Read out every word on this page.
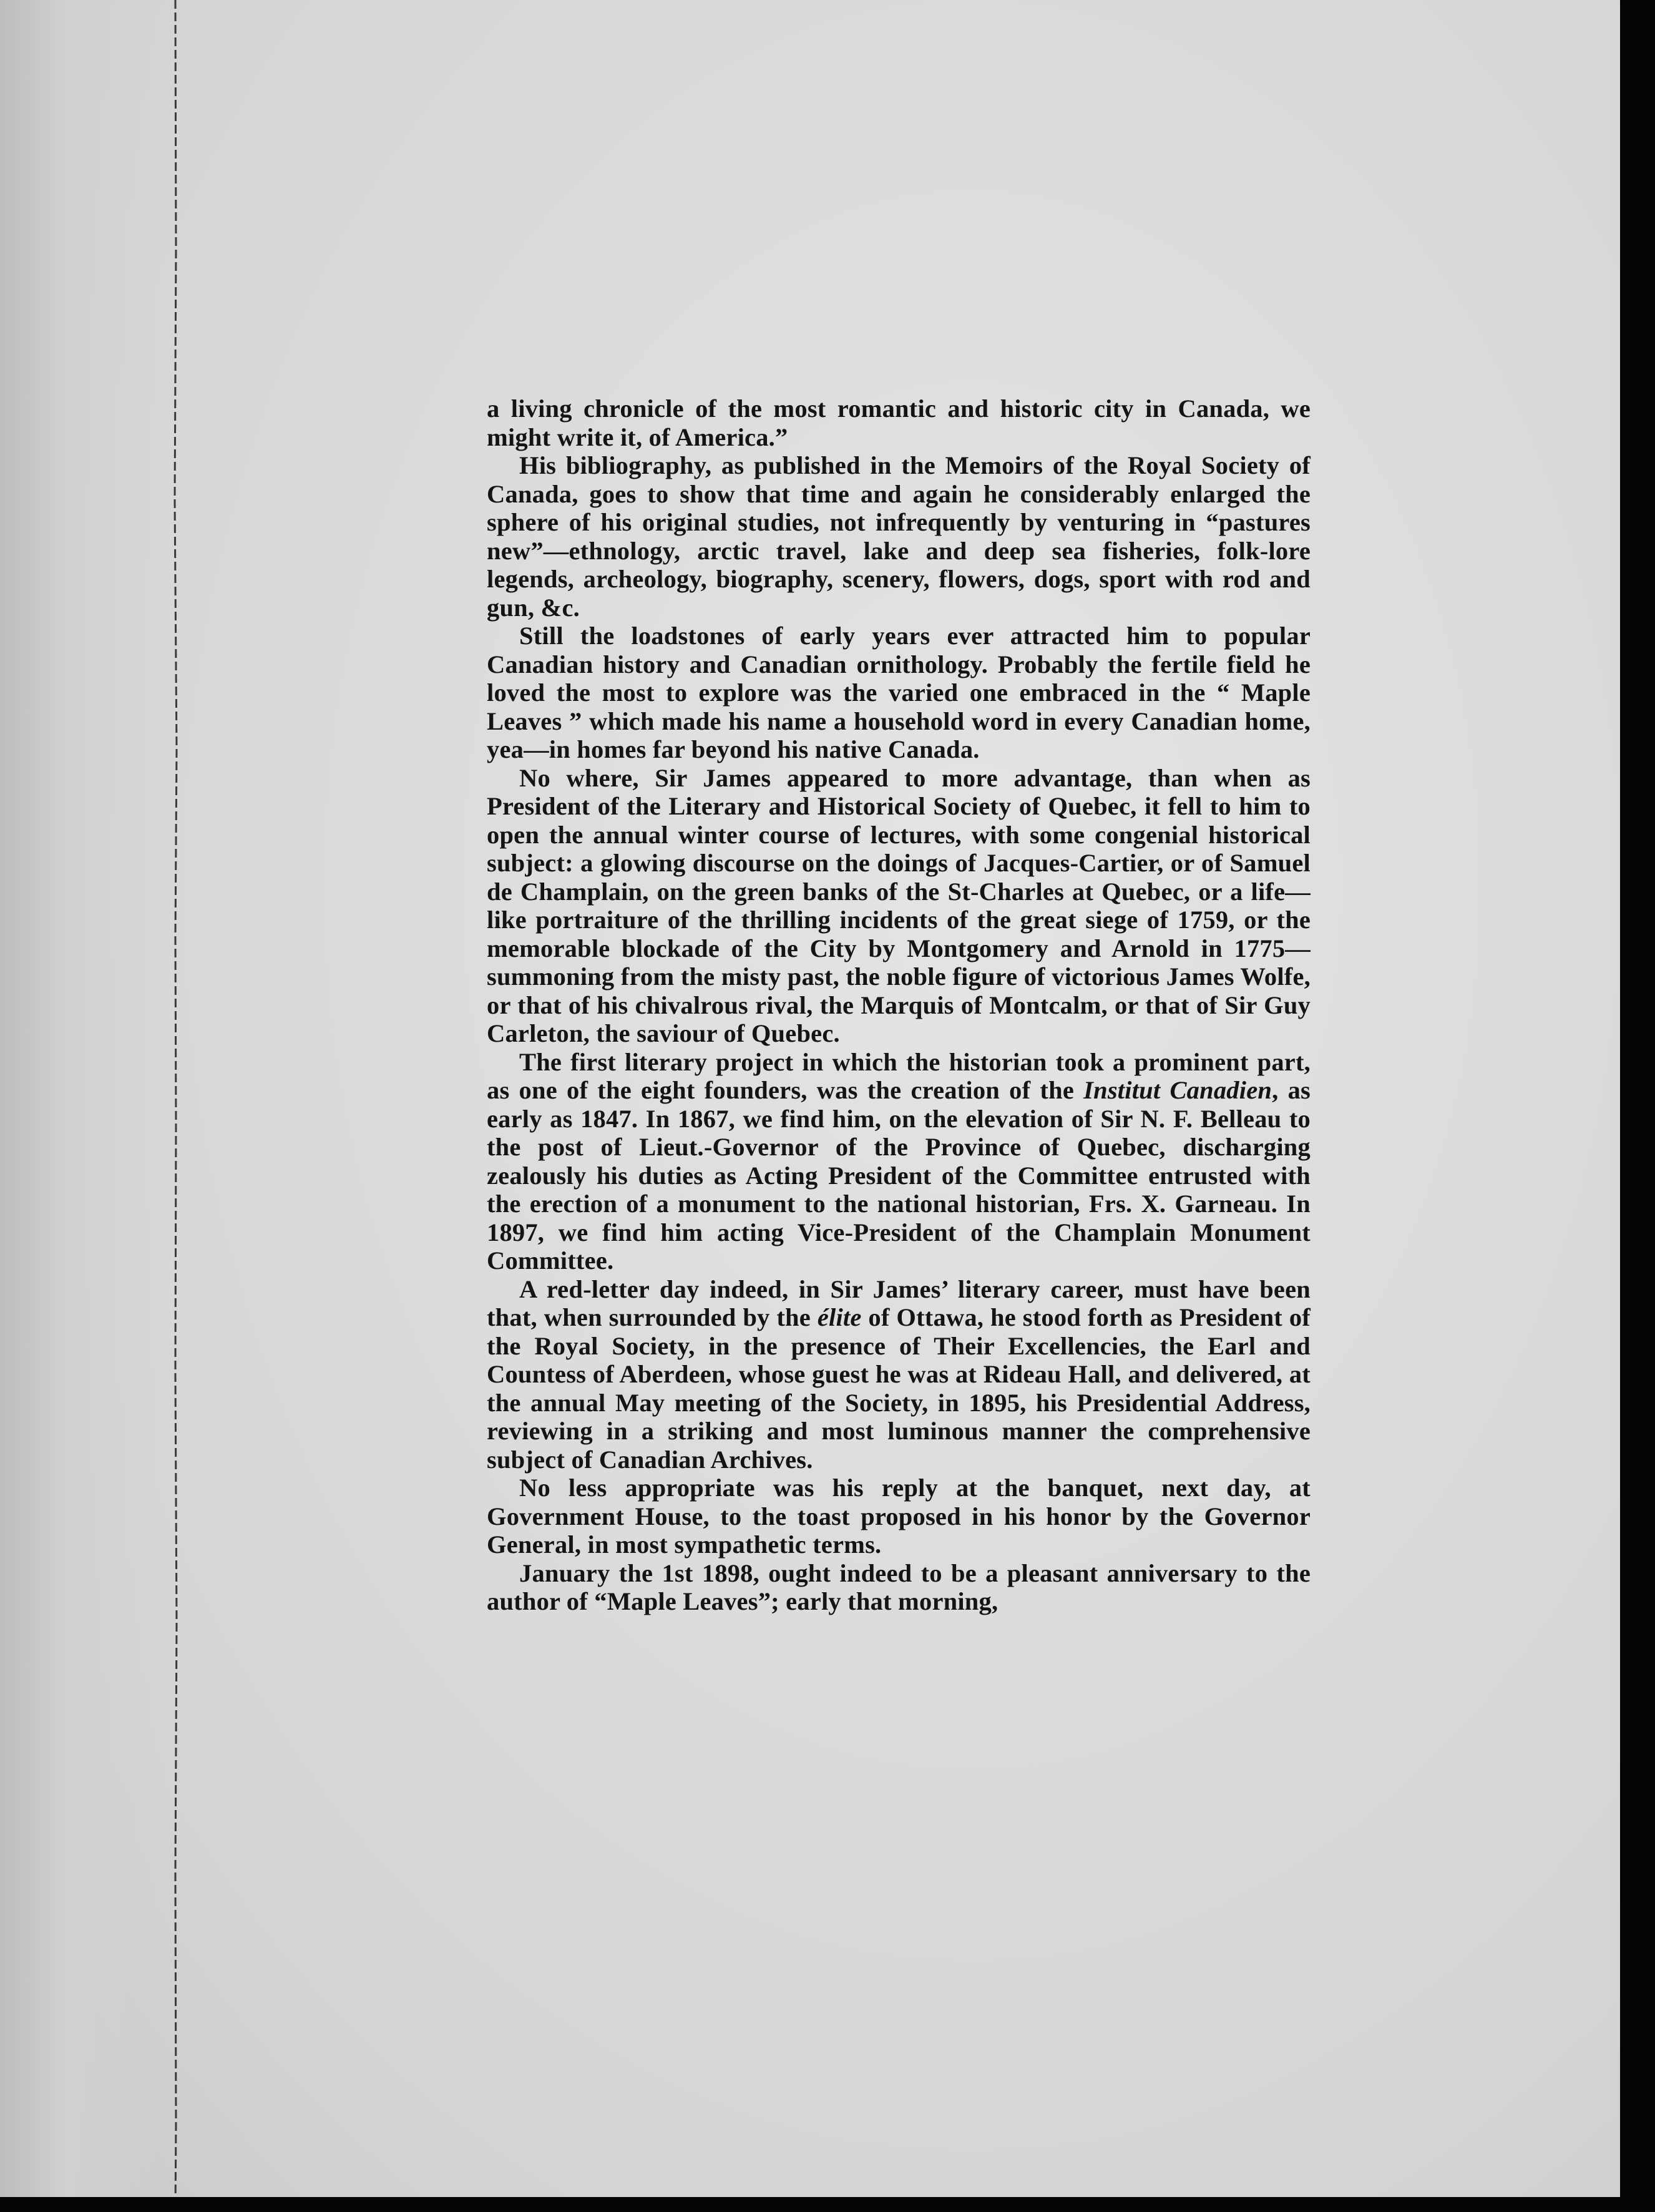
a living chronicle of the most romantic and historic city in Canada, we might write it, of America.”

His bibliography, as published in the Memoirs of the Royal Society of Canada, goes to show that time and again he considerably enlarged the sphere of his original studies, not infrequently by venturing in “pastures new”—ethnology, arctic travel, lake and deep sea fisheries, folk-lore legends, archeology, biography, scenery, flowers, dogs, sport with rod and gun, &c.

Still the loadstones of early years ever attracted him to popular Canadian history and Canadian ornithology. Probably the fertile field he loved the most to explore was the varied one embraced in the “ Maple Leaves ” which made his name a household word in every Canadian home, yea—in homes far beyond his native Canada.

No where, Sir James appeared to more advantage, than when as President of the Literary and Historical Society of Quebec, it fell to him to open the annual winter course of lectures, with some congenial historical subject: a glowing discourse on the doings of Jacques-Cartier, or of Samuel de Champlain, on the green banks of the St-Charles at Quebec, or a life—like portraiture of the thrilling incidents of the great siege of 1759, or the memorable blockade of the City by Montgomery and Arnold in 1775—summoning from the misty past, the noble figure of victorious James Wolfe, or that of his chivalrous rival, the Marquis of Montcalm, or that of Sir Guy Carleton, the saviour of Quebec.

The first literary project in which the historian took a prominent part, as one of the eight founders, was the creation of the Institut Canadien, as early as 1847. In 1867, we find him, on the elevation of Sir N. F. Belleau to the post of Lieut.-Governor of the Province of Quebec, discharging zealously his duties as Acting President of the Committee entrusted with the erection of a monument to the national historian, Frs. X. Garneau. In 1897, we find him acting Vice-President of the Champlain Monument Committee.

A red-letter day indeed, in Sir James’ literary career, must have been that, when surrounded by the élite of Ottawa, he stood forth as President of the Royal Society, in the presence of Their Excellencies, the Earl and Countess of Aberdeen, whose guest he was at Rideau Hall, and delivered, at the annual May meeting of the Society, in 1895, his Presidential Address, reviewing in a striking and most luminous manner the comprehensive subject of Canadian Archives.

No less appropriate was his reply at the banquet, next day, at Government House, to the toast proposed in his honor by the Governor General, in most sympathetic terms.

January the 1st 1898, ought indeed to be a pleasant anniversary to the author of “Maple Leaves”; early that morning,
